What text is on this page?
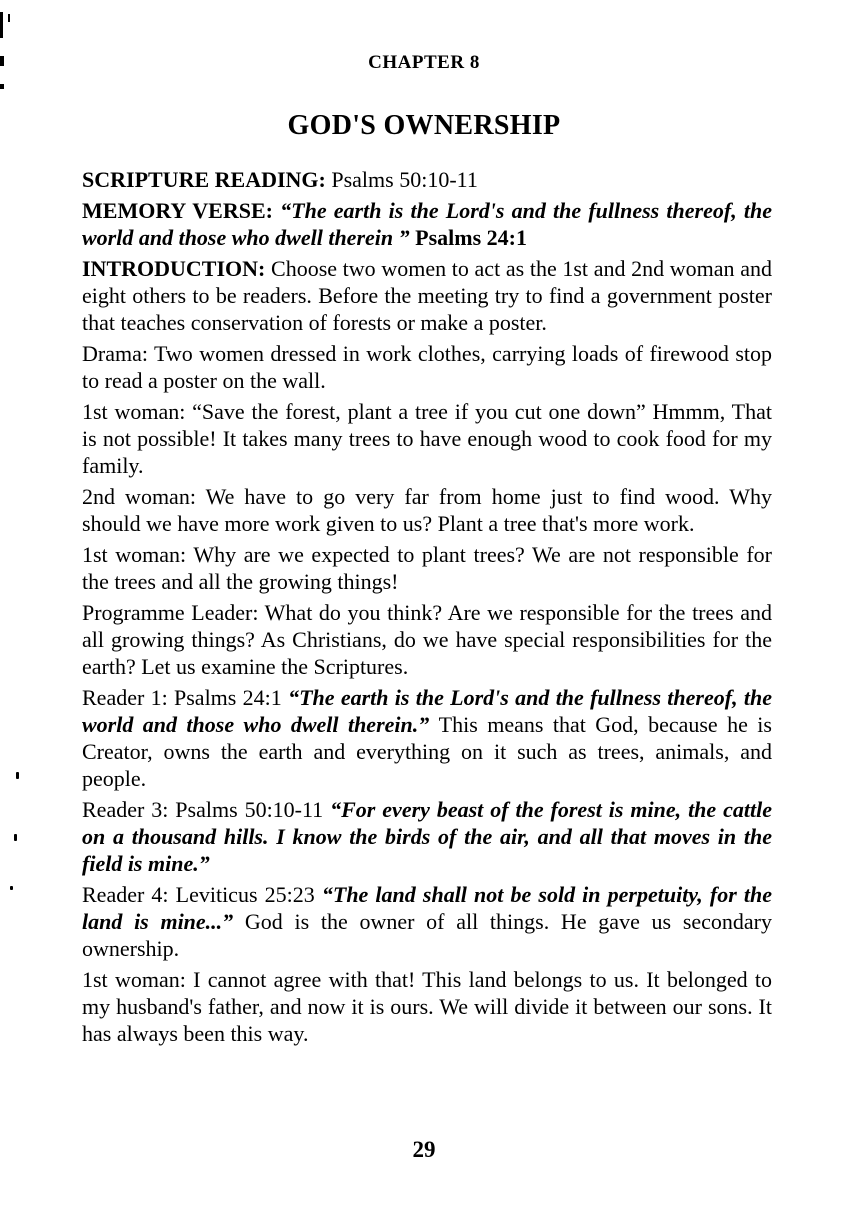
CHAPTER 8
GOD'S OWNERSHIP

SCRIPTURE READING: Psalms 50:10-11

MEMORY VERSE: “The earth is the Lord's and the fullness thereof, the world and those who dwell therein ” Psalms 24:1

INTRODUCTION: Choose two women to act as the 1st and 2nd woman and eight others to be readers. Before the meeting try to find a government poster that teaches conservation of forests or make a poster.

Drama: Two women dressed in work clothes, carrying loads of firewood stop to read a poster on the wall.

1st woman: “Save the forest, plant a tree if you cut one down” Hmmm, That is not possible! It takes many trees to have enough wood to cook food for my family.

2nd woman: We have to go very far from home just to find wood. Why should we have more work given to us? Plant a tree that's more work.

1st woman: Why are we expected to plant trees? We are not responsible for the trees and all the growing things!

Programme Leader: What do you think? Are we responsible for the trees and all growing things? As Christians, do we have special responsibilities for the earth? Let us examine the Scriptures.

Reader 1: Psalms 24:1 “The earth is the Lord's and the fullness thereof, the world and those who dwell therein.” This means that God, because he is Creator, owns the earth and everything on it such as trees, animals, and people.

Reader 3: Psalms 50:10-11 “For every beast of the forest is mine, the cattle on a thousand hills. I know the birds of the air, and all that moves in the field is mine.”

Reader 4: Leviticus 25:23 “The land shall not be sold in perpetuity, for the land is mine...” God is the owner of all things. He gave us secondary ownership.

1st woman: I cannot agree with that! This land belongs to us. It belonged to my husband's father, and now it is ours. We will divide it between our sons. It has always been this way.

29
